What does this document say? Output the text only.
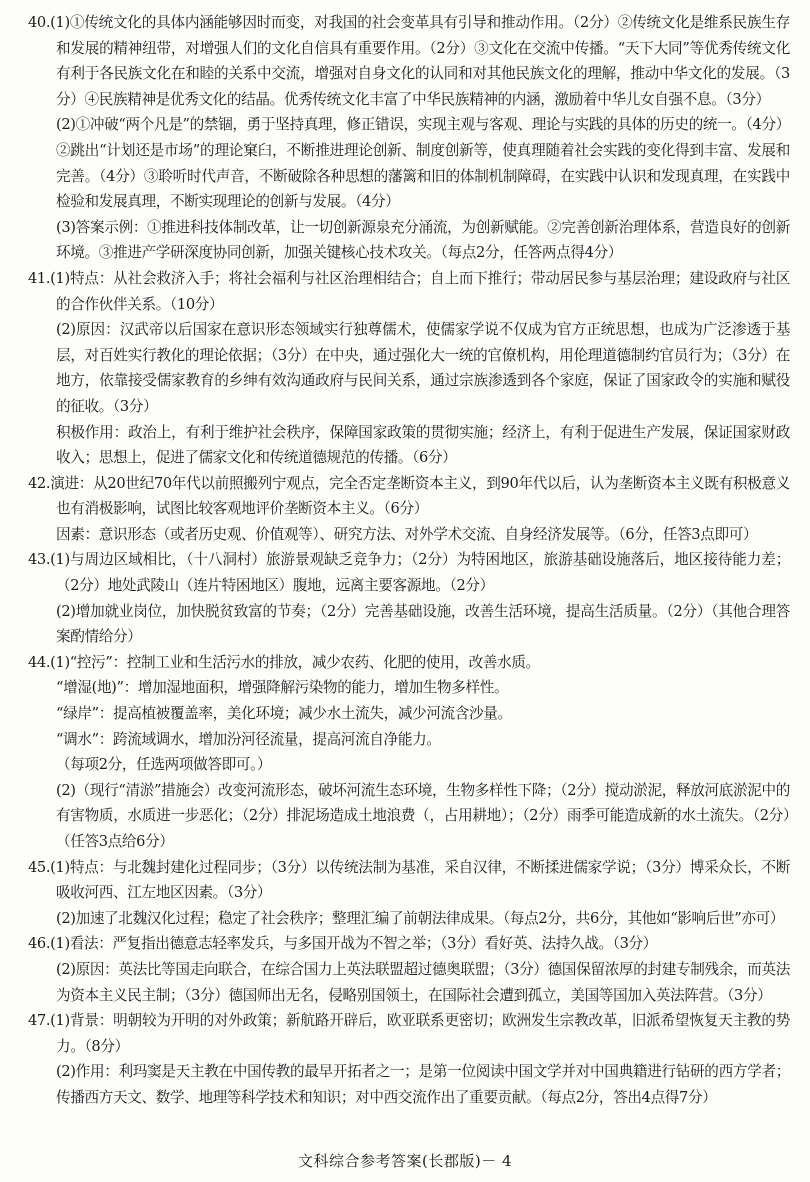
40.(1)①传统文化的具体内涵能够因时而变，对我国的社会变革具有引导和推动作用。（2分）②传统文化是维系民族生存和发展的精神纽带，对增强人们的文化自信具有重要作用。（2分）③文化在交流中传播。“天下大同”等优秀传统文化有利于各民族文化在和睦的关系中交流，增强对自身文化的认同和对其他民族文化的理解，推动中华文化的发展。（3分）④民族精神是优秀文化的结晶。优秀传统文化丰富了中华民族精神的内涵，激励着中华儿女自强不息。（3分）

(2)①冲破“两个凡是”的禁锢，勇于坚持真理，修正错误，实现主观与客观、理论与实践的具体的历史的统一。（4分）②跳出“计划还是市场”的理论窠臼，不断推进理论创新、制度创新等，使真理随着社会实践的变化得到丰富、发展和完善。（4分）③聆听时代声音，不断破除各种思想的藩篱和旧的体制机制障碍，在实践中认识和发现真理，在实践中检验和发展真理，不断实现理论的创新与发展。（4分）

(3)答案示例：①推进科技体制改革，让一切创新源泉充分涌流，为创新赋能。②完善创新治理体系，营造良好的创新环境。③推进产学研深度协同创新，加强关键核心技术攻关。（每点2分，任答两点得4分）

41.(1)特点：从社会救济入手；将社会福利与社区治理相结合；自上而下推行；带动居民参与基层治理；建设政府与社区的合作伙伴关系。（10分）

(2)原因：汉武帝以后国家在意识形态领域实行独尊儒术，使儒家学说不仅成为官方正统思想，也成为广泛渗透于基层，对百姓实行教化的理论依据；（3分）在中央，通过强化大一统的官僚机构，用伦理道德制约官员行为；（3分）在地方，依靠接受儒家教育的乡绅有效沟通政府与民间关系，通过宗族渗透到各个家庭，保证了国家政令的实施和赋役的征收。（3分）

积极作用：政治上，有利于维护社会秩序，保障国家政策的贯彻实施；经济上，有利于促进生产发展，保证国家财政收入；思想上，促进了儒家文化和传统道德规范的传播。（6分）

42.演进：从20世纪70年代以前照搬列宁观点，完全否定垄断资本主义，到90年代以后，认为垄断资本主义既有积极意义也有消极影响，试图比较客观地评价垄断资本主义。（6分）

因素：意识形态（或者历史观、价值观等）、研究方法、对外学术交流、自身经济发展等。（6分，任答3点即可）

43.(1)与周边区域相比，（十八洞村）旅游景观缺乏竞争力；（2分）为特困地区，旅游基础设施落后，地区接待能力差；（2分）地处武陵山（连片特困地区）腹地，远离主要客源地。（2分）

(2)增加就业岗位，加快脱贫致富的节奏；（2分）完善基础设施，改善生活环境，提高生活质量。（2分）（其他合理答案酌情给分）

44.(1)“控污”：控制工业和生活污水的排放，减少农药、化肥的使用，改善水质。

“增湿(地)”：增加湿地面积，增强降解污染物的能力，增加生物多样性。

“绿岸”：提高植被覆盖率，美化环境；减少水土流失，减少河流含沙量。

“调水”：跨流域调水，增加汾河径流量，提高河流自净能力。

（每项2分，任选两项做答即可。）

(2)（现行“清淤”措施会）改变河流形态，破坏河流生态环境，生物多样性下降；（2分）搅动淤泥，释放河底淤泥中的有害物质，水质进一步恶化；（2分）排泥场造成土地浪费（，占用耕地）；（2分）雨季可能造成新的水土流失。（2分）（任答3点给6分）

45.(1)特点：与北魏封建化过程同步；（3分）以传统法制为基准，采自汉律，不断揉进儒家学说；（3分）博采众长，不断吸收河西、江左地区因素。（3分）

(2)加速了北魏汉化过程；稳定了社会秩序；整理汇编了前朝法律成果。（每点2分，共6分，其他如“影响后世”亦可）

46.(1)看法：严复指出德意志轻率发兵，与多国开战为不智之举；（3分）看好英、法持久战。（3分）

(2)原因：英法比等国走向联合，在综合国力上英法联盟超过德奥联盟；（3分）德国保留浓厚的封建专制残余，而英法为资本主义民主制；（3分）德国师出无名，侵略别国领土，在国际社会遭到孤立，美国等国加入英法阵营。（3分）

47.(1)背景：明朝较为开明的对外政策；新航路开辟后，欧亚联系更密切；欧洲发生宗教改革，旧派希望恢复天主教的势力。（8分）

(2)作用：利玛窦是天主教在中国传教的最早开拓者之一；是第一位阅读中国文学并对中国典籍进行钻研的西方学者；传播西方天文、数学、地理等科学技术和知识；对中西交流作出了重要贡献。（每点2分，答出4点得7分）

文科综合参考答案(长郡版)－ 4
